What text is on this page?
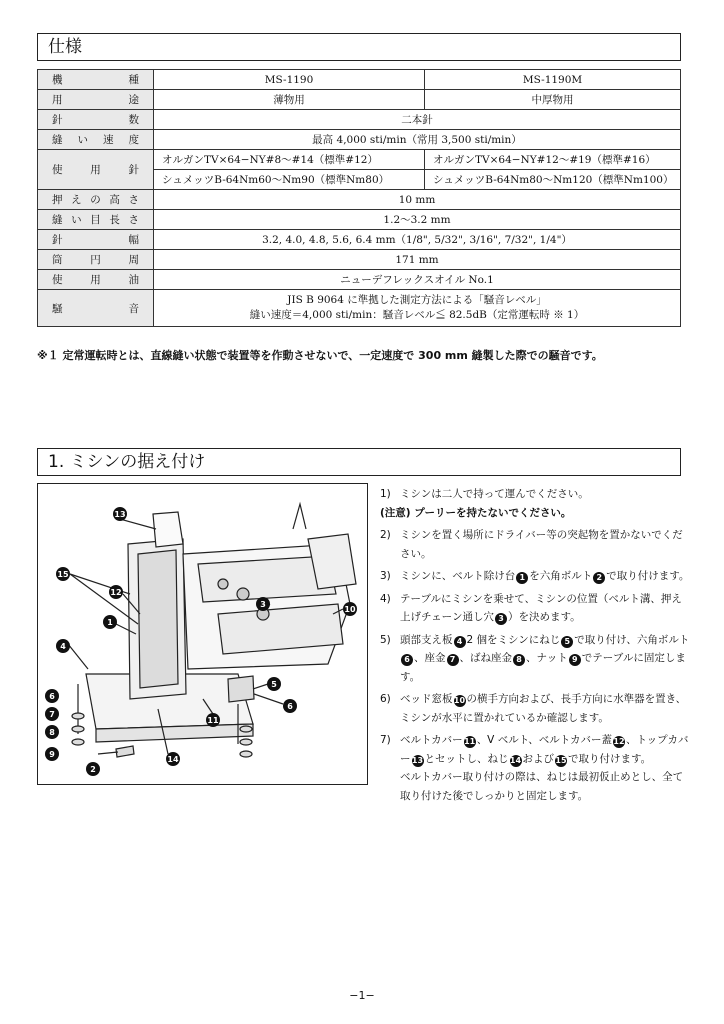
仕様
機　種	MS-1190	MS-1190M
用　途	薄物用	中厚物用
針　数	二本針	
縫い速度	最高 4,000 sti/min（常用 3,500 sti/min）	
使用針	オルガンTV×64−NY#8〜#14（標準#12）	オルガンTV×64−NY#12〜#19（標準#16）
	シュメッツB-64Nm60〜Nm90（標準Nm80）	シュメッツB-64Nm80〜Nm120（標準Nm100）
押えの高さ	10 mm	
縫い目長さ	1.2〜3.2 mm	
針　幅	3.2, 4.0, 4.8, 5.6, 6.4 mm（1/8", 5/32", 3/16", 7/32", 1/4"）	
筒円周	171 mm	
使用油	ニューデフレックスオイル No.1	
騒　音	JIS B 9064 に準拠した測定方法による「騒音レベル」
縫い速度＝4,000 sti/min：騒音レベル≦ 82.5dB（定常運転時 ※ 1）	
※１ 定常運転時とは、直線縫い状態で装置等を作動させないで、一定速度で 300 mm 縫製した際での騒音です。
1. ミシンの据え付け
13
15
12
1
3
10
4
6
7
8
9
2
14
11
5
6
1) ミシンは二人で持って運んでください。
(注意) プーリーを持たないでください。
2) ミシンを置く場所にドライバー等の突起物を置かないでください。
3) ミシンに、ベルト除け台 1 を六角ボルト 2 で取り付けます。
4) テーブルにミシンを乗せて、ミシンの位置（ベルト溝、押え上げチェーン通し穴 3 ）を決めます。
5) 頭部支え板 4 2 個をミシンにねじ 5 で取り付け、六角ボルト6 、座金 7 、ばね座金 8 、ナット 9 でテーブルに固定します。
6) ベッド窓板10の横手方向および、長手方向に水準器を置き、ミシンが水平に置かれているか確認します。
7) ベルトカバー11、V ベルト、ベルトカバー蓋12、トップカバー13とセットし、ねじ14および15で取り付けます。
ベルトカバー取り付けの際は、ねじは最初仮止めとし、全て取り付けた後でしっかりと固定します。
−1−
